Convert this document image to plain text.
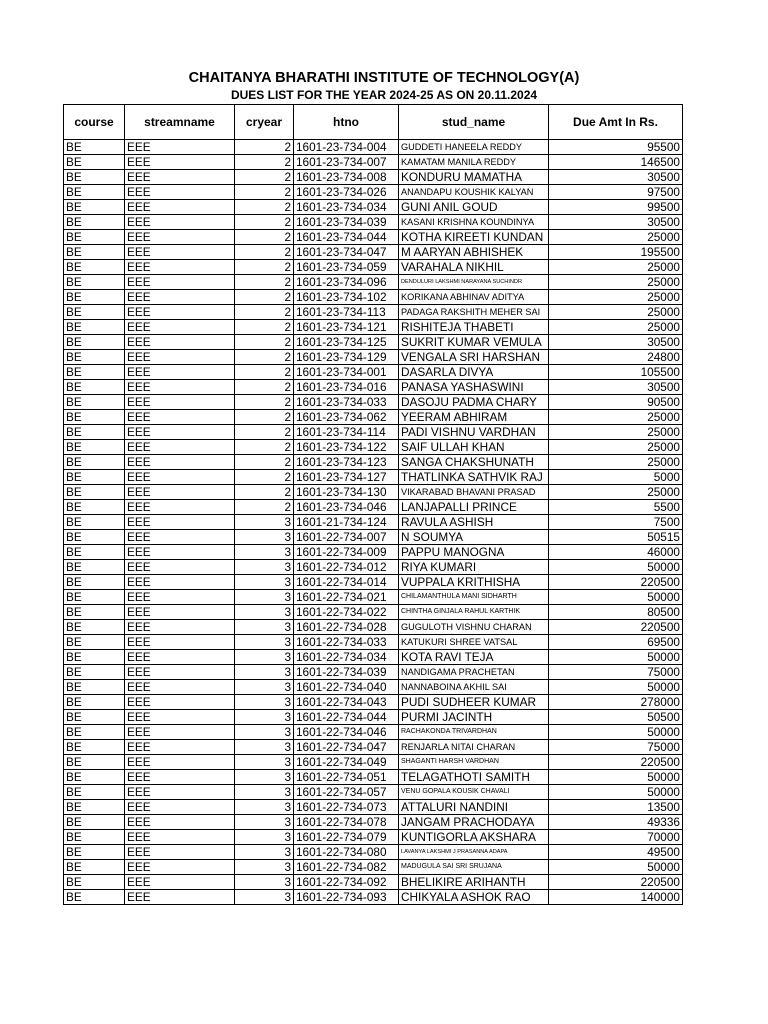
CHAITANYA BHARATHI INSTITUTE OF TECHNOLOGY(A)
DUES LIST FOR THE YEAR 2024-25 AS ON 20.11.2024
course	streamname	cryear	htno	stud_name	Due Amt In Rs.
BE	EEE	2	1601-23-734-004	GUDDETI HANEELA REDDY	95500
BE	EEE	2	1601-23-734-007	KAMATAM MANILA REDDY	146500
BE	EEE	2	1601-23-734-008	KONDURU MAMATHA	30500
BE	EEE	2	1601-23-734-026	ANANDAPU KOUSHIK KALYAN	97500
BE	EEE	2	1601-23-734-034	GUNI ANIL GOUD	99500
BE	EEE	2	1601-23-734-039	KASANI KRISHNA KOUNDINYA	30500
BE	EEE	2	1601-23-734-044	KOTHA KIREETI KUNDAN	25000
BE	EEE	2	1601-23-734-047	M AARYAN ABHISHEK	195500
BE	EEE	2	1601-23-734-059	VARAHALA NIKHIL	25000
BE	EEE	2	1601-23-734-096	DENDULURI LAKSHMI NARAYANA SUCHINDR	25000
BE	EEE	2	1601-23-734-102	KORIKANA ABHINAV ADITYA	25000
BE	EEE	2	1601-23-734-113	PADAGA RAKSHITH MEHER SAI	25000
BE	EEE	2	1601-23-734-121	RISHITEJA THABETI	25000
BE	EEE	2	1601-23-734-125	SUKRIT KUMAR VEMULA	30500
BE	EEE	2	1601-23-734-129	VENGALA SRI HARSHAN	24800
BE	EEE	2	1601-23-734-001	DASARLA DIVYA	105500
BE	EEE	2	1601-23-734-016	PANASA YASHASWINI	30500
BE	EEE	2	1601-23-734-033	DASOJU PADMA CHARY	90500
BE	EEE	2	1601-23-734-062	YEERAM ABHIRAM	25000
BE	EEE	2	1601-23-734-114	PADI VISHNU VARDHAN	25000
BE	EEE	2	1601-23-734-122	SAIF ULLAH KHAN	25000
BE	EEE	2	1601-23-734-123	SANGA CHAKSHUNATH	25000
BE	EEE	2	1601-23-734-127	THATLINKA SATHVIK RAJ	5000
BE	EEE	2	1601-23-734-130	VIKARABAD BHAVANI PRASAD	25000
BE	EEE	2	1601-23-734-046	LANJAPALLI PRINCE	5500
BE	EEE	3	1601-21-734-124	RAVULA ASHISH	7500
BE	EEE	3	1601-22-734-007	N SOUMYA	50515
BE	EEE	3	1601-22-734-009	PAPPU MANOGNA	46000
BE	EEE	3	1601-22-734-012	RIYA KUMARI	50000
BE	EEE	3	1601-22-734-014	VUPPALA KRITHISHA	220500
BE	EEE	3	1601-22-734-021	CHILAMANTHULA MANI SIDHARTH	50000
BE	EEE	3	1601-22-734-022	CHINTHA GINJALA RAHUL KARTHIK	80500
BE	EEE	3	1601-22-734-028	GUGULOTH VISHNU CHARAN	220500
BE	EEE	3	1601-22-734-033	KATUKURI SHREE VATSAL	69500
BE	EEE	3	1601-22-734-034	KOTA RAVI TEJA	50000
BE	EEE	3	1601-22-734-039	NANDIGAMA PRACHETAN	75000
BE	EEE	3	1601-22-734-040	NANNABOINA AKHIL SAI	50000
BE	EEE	3	1601-22-734-043	PUDI SUDHEER KUMAR	278000
BE	EEE	3	1601-22-734-044	PURMI JACINTH	50500
BE	EEE	3	1601-22-734-046	RACHAKONDA TRIVARDHAN	50000
BE	EEE	3	1601-22-734-047	RENJARLA NITAI CHARAN	75000
BE	EEE	3	1601-22-734-049	SHAGANTI HARSH VARDHAN	220500
BE	EEE	3	1601-22-734-051	TELAGATHOTI SAMITH	50000
BE	EEE	3	1601-22-734-057	VENU GOPALA KOUSIK CHAVALI	50000
BE	EEE	3	1601-22-734-073	ATTALURI NANDINI	13500
BE	EEE	3	1601-22-734-078	JANGAM PRACHODAYA	49336
BE	EEE	3	1601-22-734-079	KUNTIGORLA AKSHARA	70000
BE	EEE	3	1601-22-734-080	LAVANYA LAKSHMI J PRASANNA ADAPA	49500
BE	EEE	3	1601-22-734-082	MADUGULA SAI SRI SRUJANA	50000
BE	EEE	3	1601-22-734-092	BHELIKIRE ARIHANTH	220500
BE	EEE	3	1601-22-734-093	CHIKYALA ASHOK RAO	140000
